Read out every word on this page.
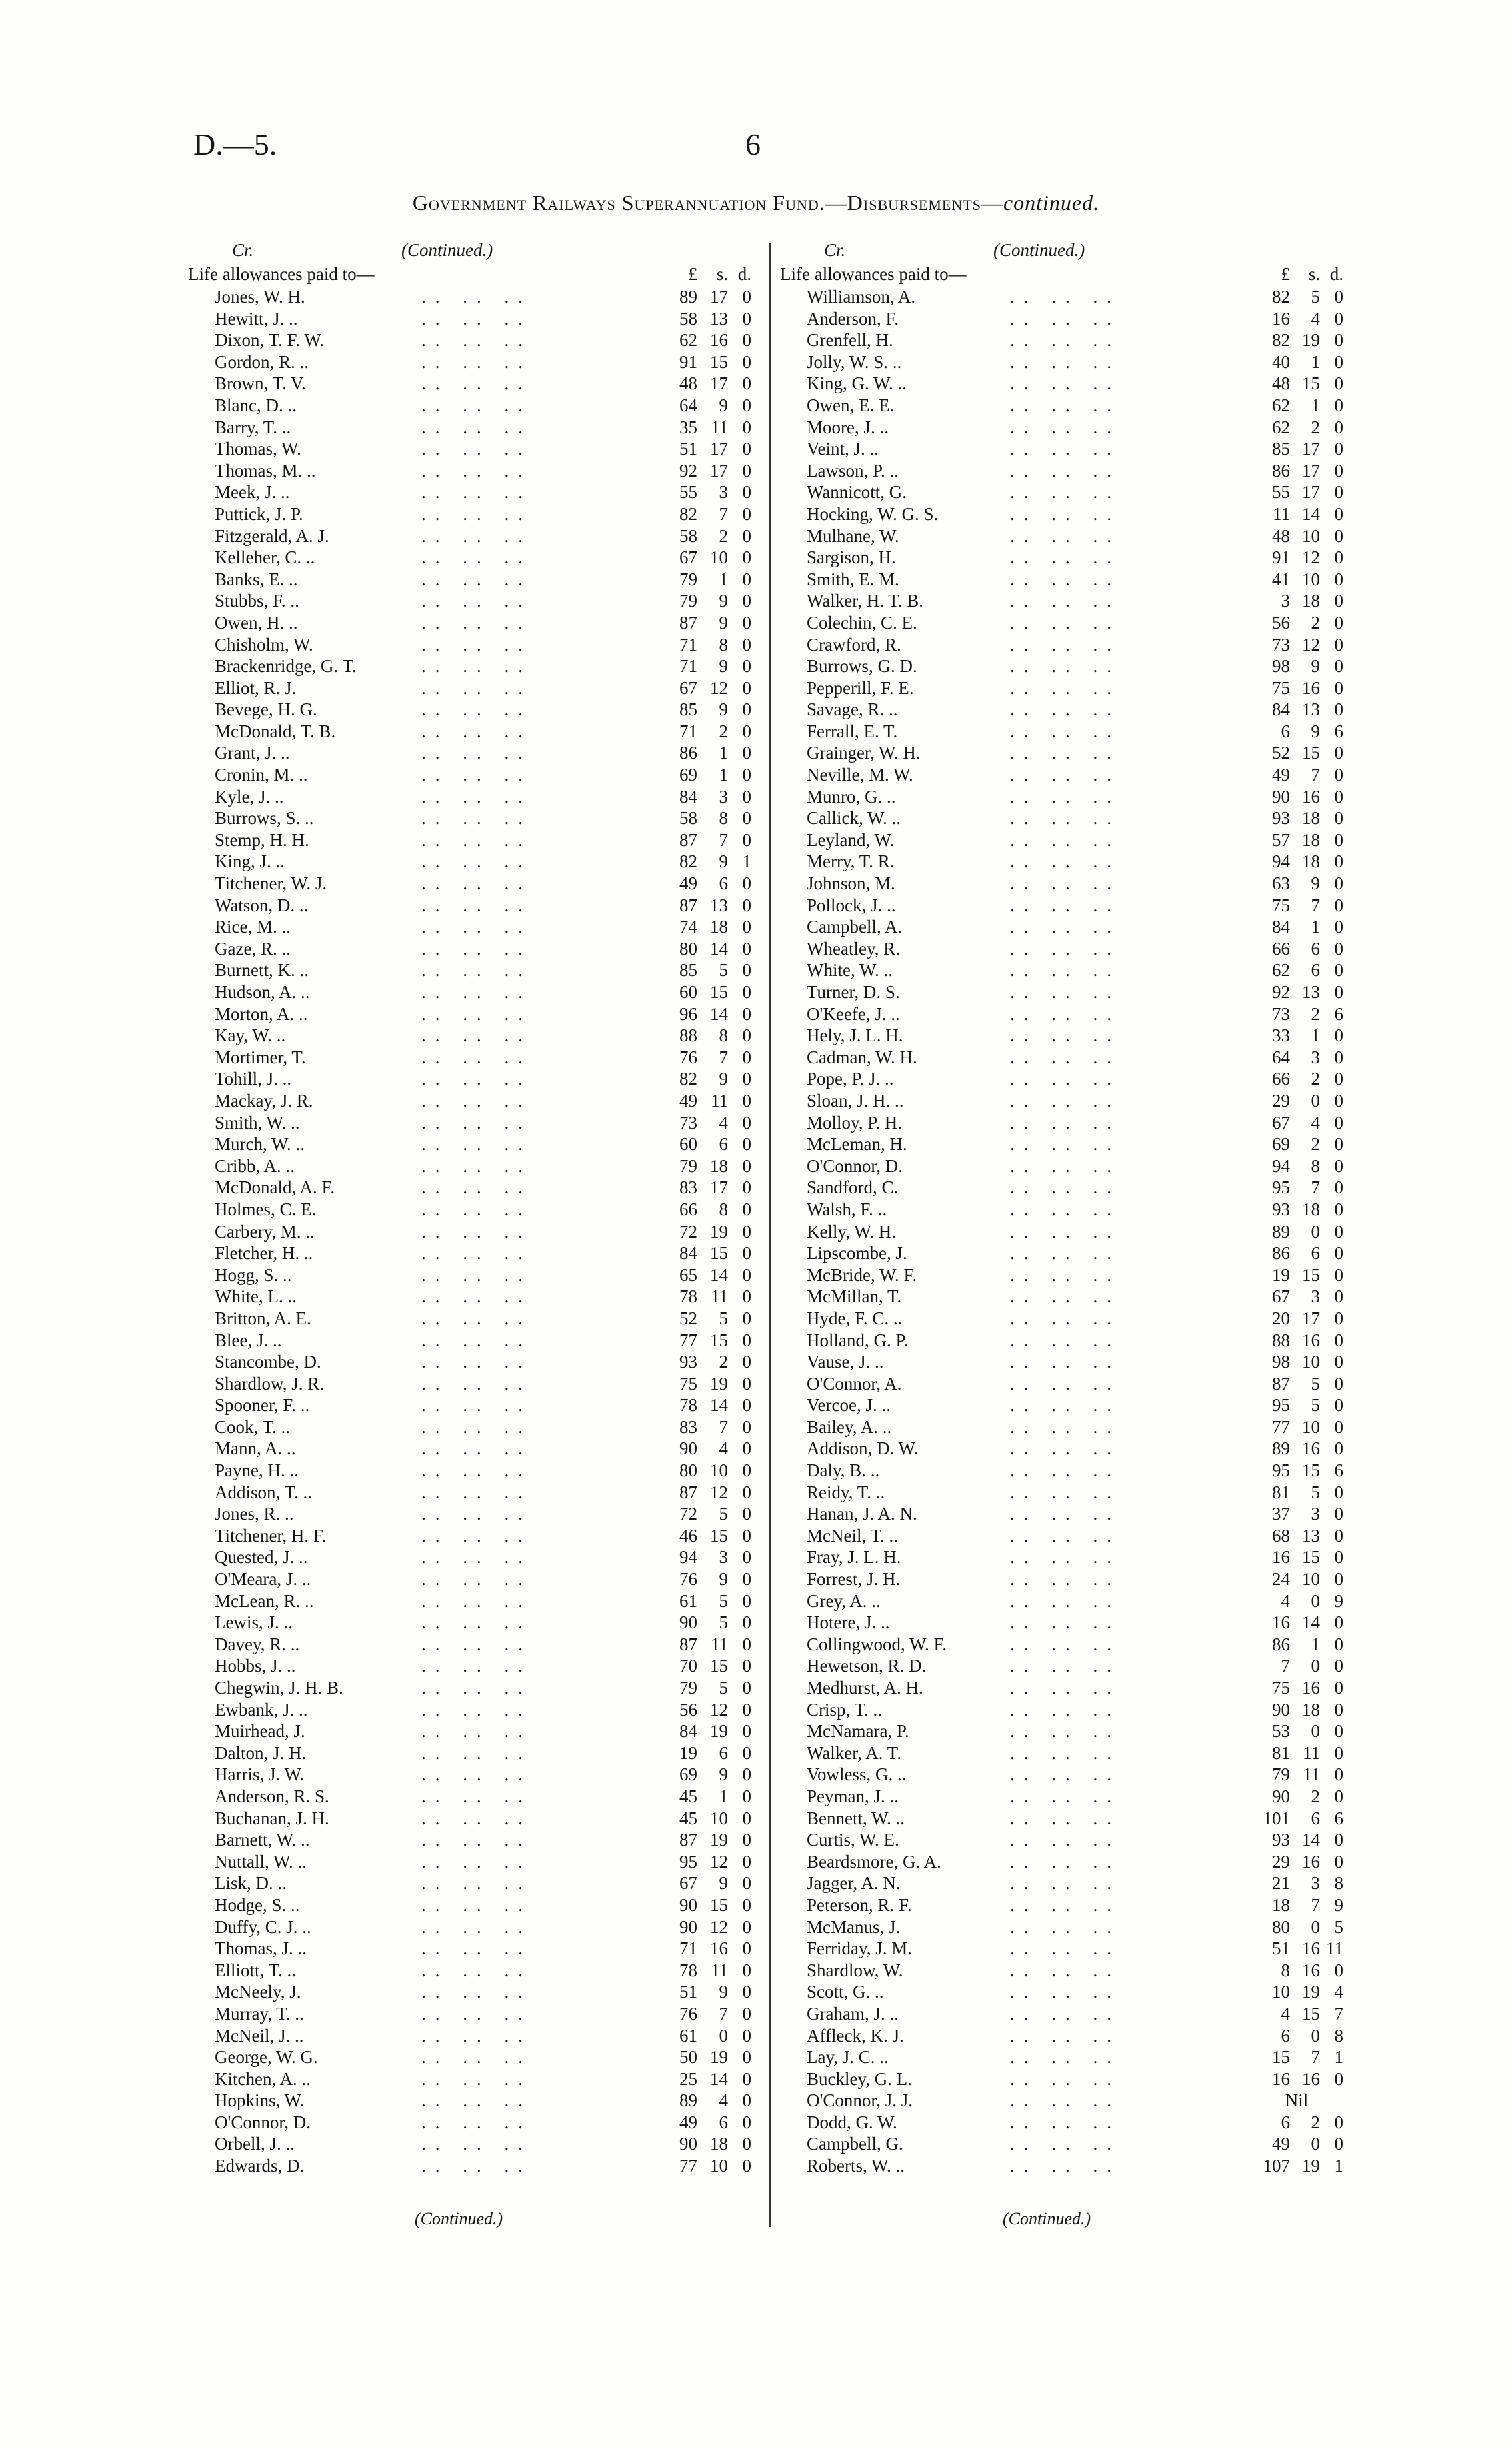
D.—5.	6
Government Railways Superannuation Fund.—Disbursements—continued.
Cr.	(Continued.)
Life allowances paid to—	£	s. d.
Jones, W. H.	.. .. ..	89 17 0
Hewitt, J. ..	.. .. ..	58 13 0
Dixon, T. F. W.	.. .. ..	62 16 0
Gordon, R. ..	.. .. ..	91 15 0
Brown, T. V.	.. .. ..	48 17 0
Blanc, D. ..	.. .. ..	64	9 0
Barry, T. ..	.. .. ..	35 11 0
Thomas, W.	.. .. ..	51 17 0
Thomas, M. ..	.. .. ..	92 17 0
Meek, J. ..	.. .. ..	55	3 0
Puttick, J. P.	.. .. ..	82	7 0
Fitzgerald, A. J.	.. .. ..	58	2 0
Kelleher, C. ..	.. .. ..	67 10 0
Banks, E. ..	.. .. ..	79	1 0
Stubbs, F. ..	.. .. ..	79	9 0
Owen, H. ..	.. .. ..	87	9 0
Chisholm, W.	.. .. ..	71	8 0
Brackenridge, G. T.	.. .. ..	71	9 0
Elliot, R. J.	.. .. ..	67 12 0
Bevege, H. G.	.. .. ..	85	9 0
McDonald, T. B.	.. .. ..	71	2 0
Grant, J. ..	.. .. ..	86	1 0
Cronin, M. ..	.. .. ..	69	1 0
Kyle, J. ..	.. .. ..	84	3 0
Burrows, S. ..	.. .. ..	58	8 0
Stemp, H. H.	.. .. ..	87	7 0
King, J. ..	.. .. ..	82	9 1
Titchener, W. J.	.. .. ..	49	6 0
Watson, D. ..	.. .. ..	87 13 0
Rice, M. ..	.. .. ..	74 18 0
Gaze, R. ..	.. .. ..	80 14 0
Burnett, K. ..	.. .. ..	85	5 0
Hudson, A. ..	.. .. ..	60 15 0
Morton, A. ..	.. .. ..	96 14 0
Kay, W. ..	.. .. ..	88	8 0
Mortimer, T.	.. .. ..	76	7 0
Tohill, J. ..	.. .. ..	82	9 0
Mackay, J. R.	.. .. ..	49 11 0
Smith, W. ..	.. .. ..	73	4 0
Murch, W. ..	.. .. ..	60	6 0
Cribb, A. ..	.. .. ..	79 18 0
McDonald, A. F.	.. .. ..	83 17 0
Holmes, C. E.	.. .. ..	66	8 0
Carbery, M. ..	.. .. ..	72 19 0
Fletcher, H. ..	.. .. ..	84 15 0
Hogg, S. ..	.. .. ..	65 14 0
White, L. ..	.. .. ..	78 11 0
Britton, A. E.	.. .. ..	52	5 0
Blee, J. ..	.. .. ..	77 15 0
Stancombe, D.	.. .. ..	93	2 0
Shardlow, J. R.	.. .. ..	75 19 0
Spooner, F. ..	.. .. ..	78 14 0
Cook, T. ..	.. .. ..	83	7 0
Mann, A. ..	.. .. ..	90	4 0
Payne, H. ..	.. .. ..	80 10 0
Addison, T. ..	.. .. ..	87 12 0
Jones, R. ..	.. .. ..	72	5 0
Titchener, H. F.	.. .. ..	46 15 0
Quested, J. ..	.. .. ..	94	3 0
O'Meara, J. ..	.. .. ..	76	9 0
McLean, R. ..	.. .. ..	61	5 0
Lewis, J. ..	.. .. ..	90	5 0
Davey, R. ..	.. .. ..	87 11 0
Hobbs, J. ..	.. .. ..	70 15 0
Chegwin, J. H. B.	.. .. ..	79	5 0
Ewbank, J. ..	.. .. ..	56 12 0
Muirhead, J.	.. .. ..	84 19 0
Dalton, J. H.	.. .. ..	19	6 0
Harris, J. W.	.. .. ..	69	9 0
Anderson, R. S.	.. .. ..	45	1 0
Buchanan, J. H.	.. .. ..	45 10 0
Barnett, W. ..	.. .. ..	87 19 0
Nuttall, W. ..	.. .. ..	95 12 0
Lisk, D. ..	.. .. ..	67	9 0
Hodge, S. ..	.. .. ..	90 15 0
Duffy, C. J. ..	.. .. ..	90 12 0
Thomas, J. ..	.. .. ..	71 16 0
Elliott, T. ..	.. .. ..	78 11 0
McNeely, J.	.. .. ..	51	9 0
Murray, T. ..	.. .. ..	76	7 0
McNeil, J. ..	.. .. ..	61	0 0
George, W. G.	.. .. ..	50 19 0
Kitchen, A. ..	.. .. ..	25 14 0
Hopkins, W.	.. .. ..	89	4 0
O'Connor, D.	.. .. ..	49	6 0
Orbell, J. ..	.. .. ..	90 18 0
Edwards, D.	.. .. ..	77 10 0
Cr.	(Continued.)
Life allowances paid to—	£	s. d.
Williamson, A.	.. .. ..	82	5 0
Anderson, F.	.. .. ..	16	4 0
Grenfell, H.	.. .. ..	82 19 0
Jolly, W. S. ..	.. .. ..	40	1 0
King, G. W. ..	.. .. ..	48 15 0
Owen, E. E.	.. .. ..	62	1 0
Moore, J. ..	.. .. ..	62	2 0
Veint, J. ..	.. .. ..	85 17 0
Lawson, P. ..	.. .. ..	86 17 0
Wannicott, G.	.. .. ..	55 17 0
Hocking, W. G. S.	.. .. ..	11 14 0
Mulhane, W.	.. .. ..	48 10 0
Sargison, H.	.. .. ..	91 12 0
Smith, E. M.	.. .. ..	41 10 0
Walker, H. T. B.	.. .. ..	3 18 0
Colechin, C. E.	.. .. ..	56	2 0
Crawford, R.	.. .. ..	73 12 0
Burrows, G. D.	.. .. ..	98	9 0
Pepperill, F. E.	.. .. ..	75 16 0
Savage, R. ..	.. .. ..	84 13 0
Ferrall, E. T.	.. .. ..	6	9 6
Grainger, W. H.	.. .. ..	52 15 0
Neville, M. W.	.. .. ..	49	7 0
Munro, G. ..	.. .. ..	90 16 0
Callick, W. ..	.. .. ..	93 18 0
Leyland, W.	.. .. ..	57 18 0
Merry, T. R.	.. .. ..	94 18 0
Johnson, M.	.. .. ..	63	9 0
Pollock, J. ..	.. .. ..	75	7 0
Campbell, A.	.. .. ..	84	1 0
Wheatley, R.	.. .. ..	66	6 0
White, W. ..	.. .. ..	62	6 0
Turner, D. S.	.. .. ..	92 13 0
O'Keefe, J. ..	.. .. ..	73	2 6
Hely, J. L. H.	.. .. ..	33	1 0
Cadman, W. H.	.. .. ..	64	3 0
Pope, P. J. ..	.. .. ..	66	2 0
Sloan, J. H. ..	.. .. ..	29	0 0
Molloy, P. H.	.. .. ..	67	4 0
McLeman, H.	.. .. ..	69	2 0
O'Connor, D.	.. .. ..	94	8 0
Sandford, C.	.. .. ..	95	7 0
Walsh, F. ..	.. .. ..	93 18 0
Kelly, W. H.	.. .. ..	89	0 0
Lipscombe, J.	.. .. ..	86	6 0
McBride, W. F.	.. .. ..	19 15 0
McMillan, T.	.. .. ..	67	3 0
Hyde, F. C. ..	.. .. ..	20 17 0
Holland, G. P.	.. .. ..	88 16 0
Vause, J. ..	.. .. ..	98 10 0
O'Connor, A.	.. .. ..	87	5 0
Vercoe, J. ..	.. .. ..	95	5 0
Bailey, A. ..	.. .. ..	77 10 0
Addison, D. W.	.. .. ..	89 16 0
Daly, B. ..	.. .. ..	95 15 6
Reidy, T. ..	.. .. ..	81	5 0
Hanan, J. A. N.	.. .. ..	37	3 0
McNeil, T. ..	.. .. ..	68 13 0
Fray, J. L. H.	.. .. ..	16 15 0
Forrest, J. H.	.. .. ..	24 10 0
Grey, A. ..	.. .. ..	4	0 9
Hotere, J. ..	.. .. ..	16 14 0
Collingwood, W. F.	.. .. ..	86	1 0
Hewetson, R. D.	.. .. ..	7	0 0
Medhurst, A. H.	.. .. ..	75 16 0
Crisp, T. ..	.. .. ..	90 18 0
McNamara, P.	.. .. ..	53	0 0
Walker, A. T.	.. .. ..	81 11 0
Vowless, G. ..	.. .. ..	79 11 0
Peyman, J. ..	.. .. ..	90	2 0
Bennett, W. ..	.. .. ..	101	6 6
Curtis, W. E.	.. .. ..	93 14 0
Beardsmore, G. A.	.. .. ..	29 16 0
Jagger, A. N.	.. .. ..	21	3 8
Peterson, R. F.	.. .. ..	18	7 9
McManus, J.	.. .. ..	80	0 5
Ferriday, J. M.	.. .. ..	51 16 11
Shardlow, W.	.. .. ..	8 16 0
Scott, G. ..	.. .. ..	10 19 4
Graham, J. ..	.. .. ..	4 15 7
Affleck, K. J.	.. .. ..	6	0 8
Lay, J. C. ..	.. .. ..	15	7 1
Buckley, G. L.	.. .. ..	16 16 0
O'Connor, J. J.	.. .. ..	Nil
Dodd, G. W.	.. .. ..	6	2 0
Campbell, G.	.. .. ..	49	0 0
Roberts, W. ..	.. .. ..	107 19 1
(Continued.)	(Continued.)
